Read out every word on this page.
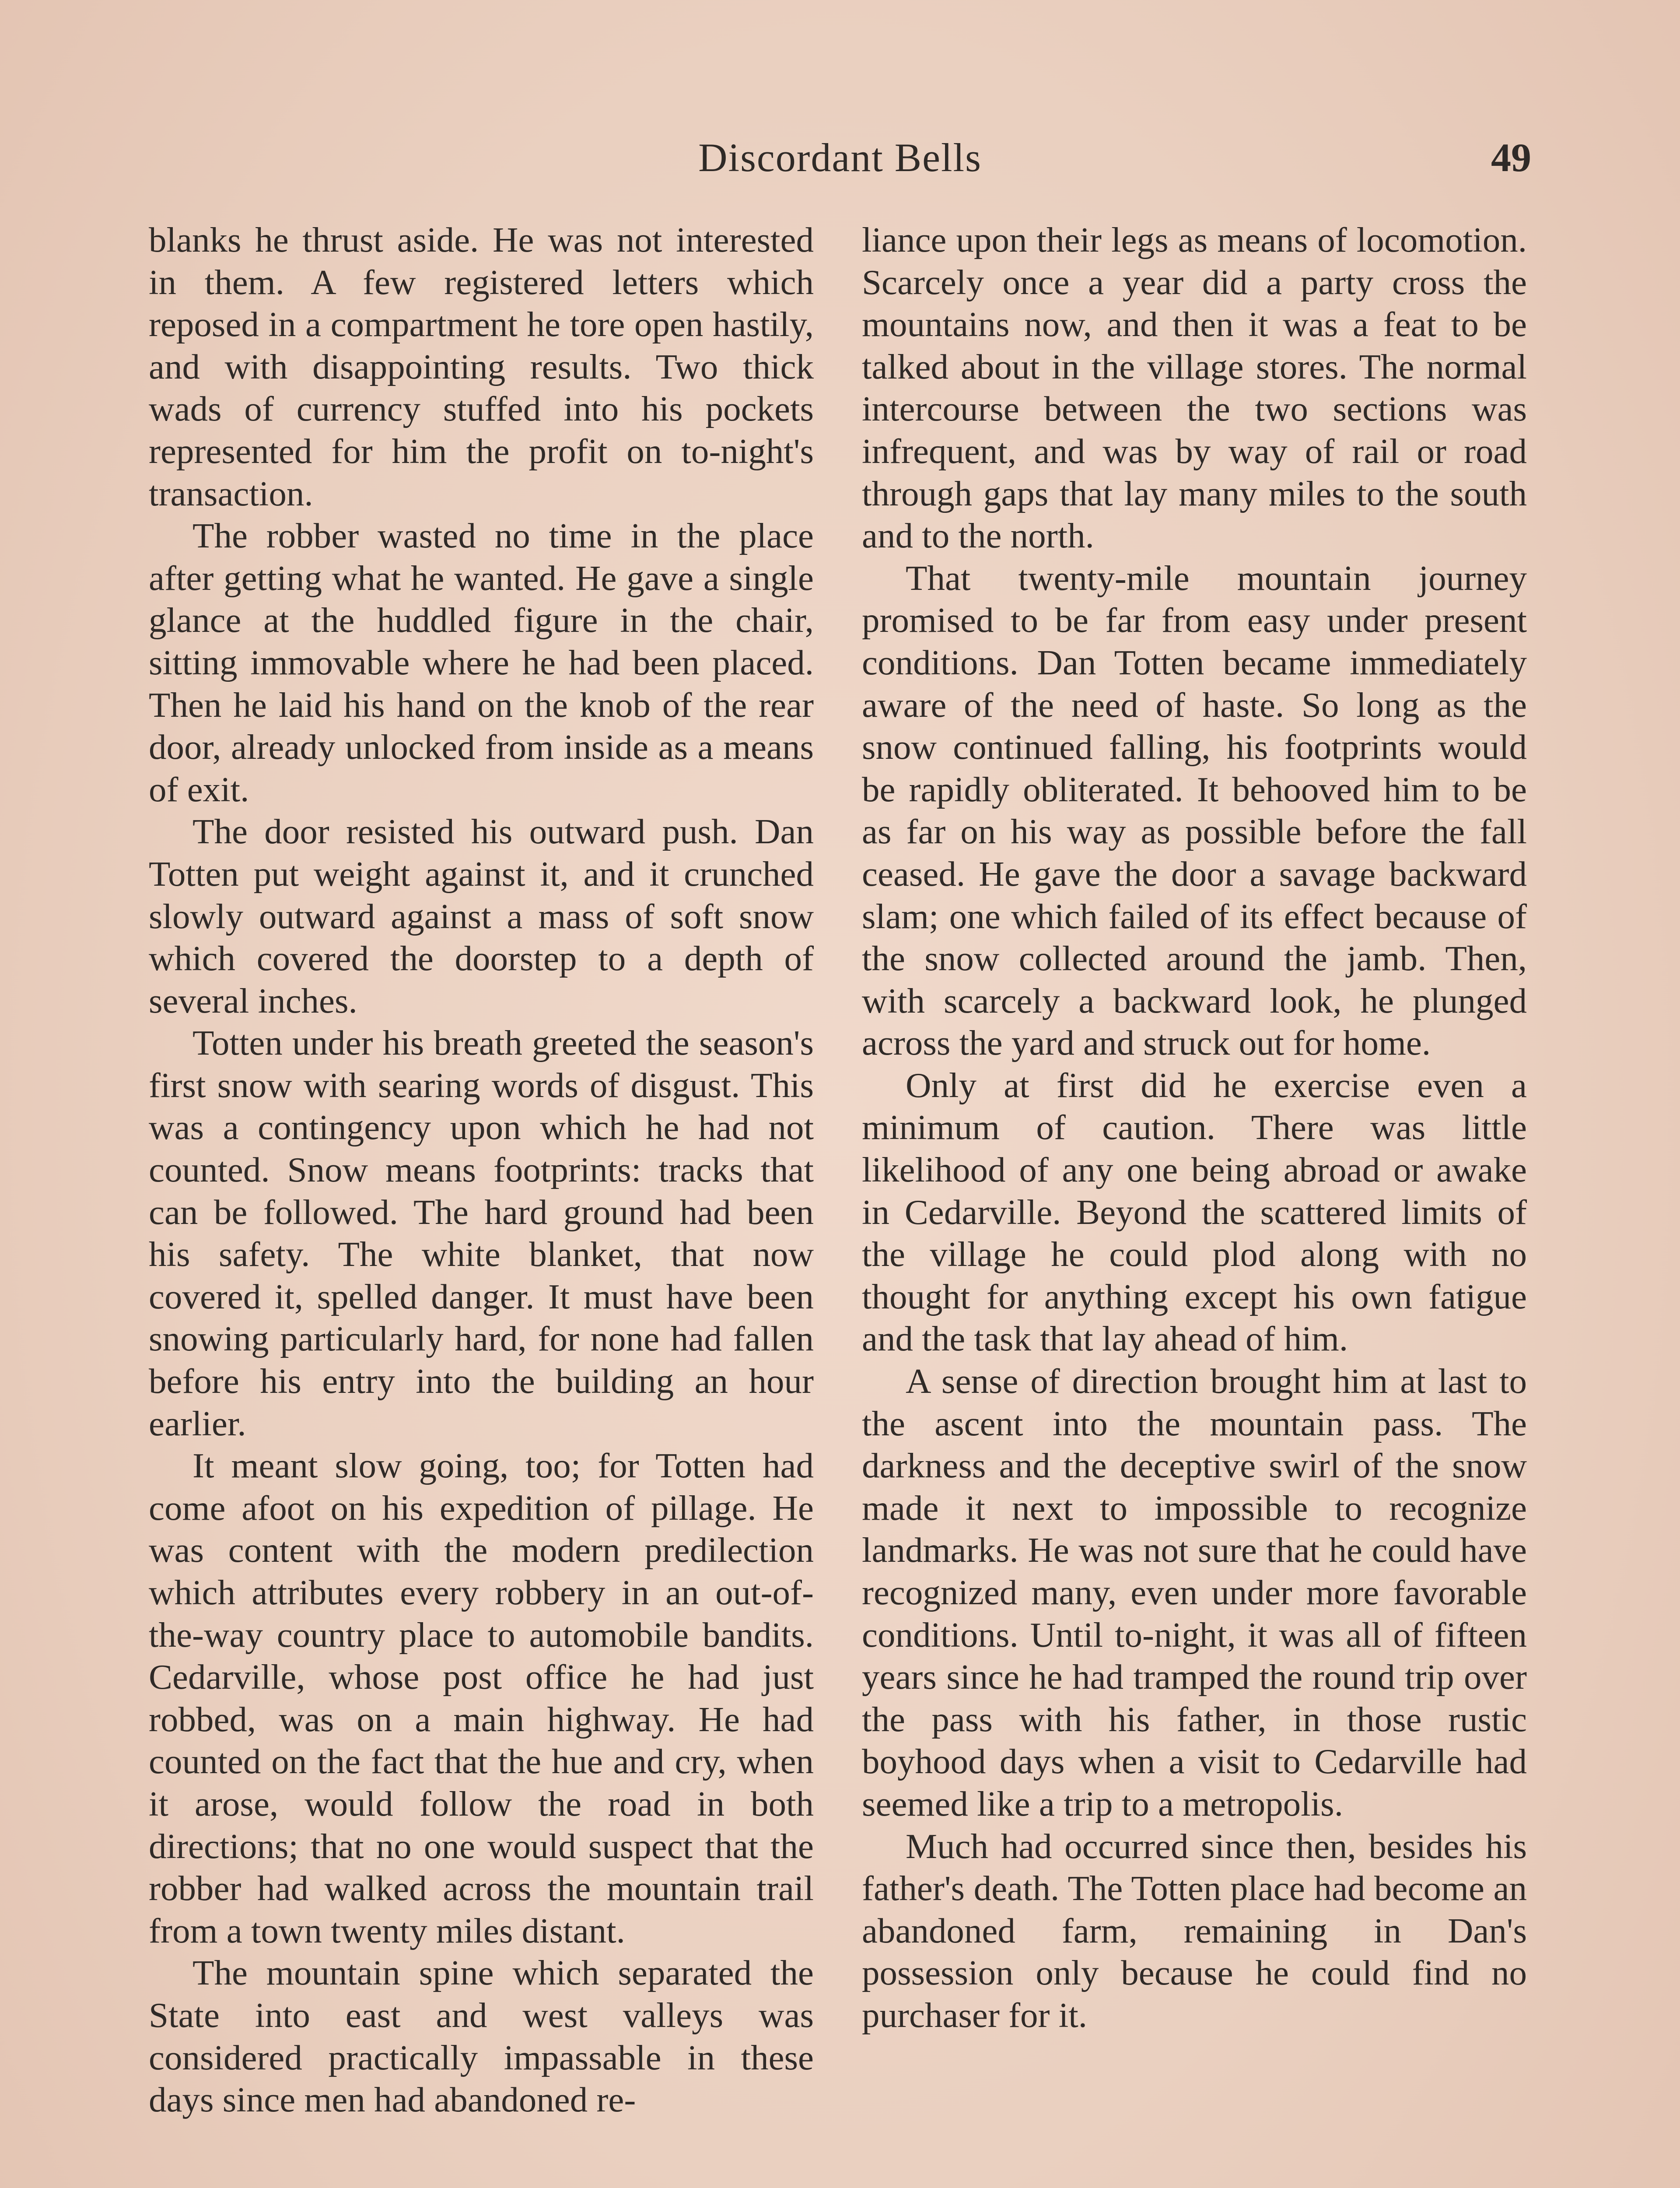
Discordant Bells	49

blanks he thrust aside. He was not interested in them. A few registered letters which reposed in a compartment he tore open hastily, and with disappointing results. Two thick wads of currency stuffed into his pockets represented for him the profit on to-night's transaction.

The robber wasted no time in the place after getting what he wanted. He gave a single glance at the huddled figure in the chair, sitting immovable where he had been placed. Then he laid his hand on the knob of the rear door, already unlocked from inside as a means of exit.

The door resisted his outward push. Dan Totten put weight against it, and it crunched slowly outward against a mass of soft snow which covered the doorstep to a depth of several inches.

Totten under his breath greeted the season's first snow with searing words of disgust. This was a contingency upon which he had not counted. Snow means footprints: tracks that can be followed. The hard ground had been his safety. The white blanket, that now covered it, spelled danger. It must have been snowing particularly hard, for none had fallen before his entry into the building an hour earlier.

It meant slow going, too; for Totten had come afoot on his expedition of pillage. He was content with the modern predilection which attributes every robbery in an out-of-the-way country place to automobile bandits. Cedarville, whose post office he had just robbed, was on a main highway. He had counted on the fact that the hue and cry, when it arose, would follow the road in both directions; that no one would suspect that the robber had walked across the mountain trail from a town twenty miles distant.

The mountain spine which separated the State into east and west valleys was considered practically impassable in these days since men had abandoned re-

liance upon their legs as means of locomotion. Scarcely once a year did a party cross the mountains now, and then it was a feat to be talked about in the village stores. The normal intercourse between the two sections was infrequent, and was by way of rail or road through gaps that lay many miles to the south and to the north.

That twenty-mile mountain journey promised to be far from easy under present conditions. Dan Totten became immediately aware of the need of haste. So long as the snow continued falling, his footprints would be rapidly obliterated. It behooved him to be as far on his way as possible before the fall ceased. He gave the door a savage backward slam; one which failed of its effect because of the snow collected around the jamb. Then, with scarcely a backward look, he plunged across the yard and struck out for home.

Only at first did he exercise even a minimum of caution. There was little likelihood of any one being abroad or awake in Cedarville. Beyond the scattered limits of the village he could plod along with no thought for anything except his own fatigue and the task that lay ahead of him.

A sense of direction brought him at last to the ascent into the mountain pass. The darkness and the deceptive swirl of the snow made it next to impossible to recognize landmarks. He was not sure that he could have recognized many, even under more favorable conditions. Until to-night, it was all of fifteen years since he had tramped the round trip over the pass with his father, in those rustic boyhood days when a visit to Cedarville had seemed like a trip to a metropolis.

Much had occurred since then, besides his father's death. The Totten place had become an abandoned farm, remaining in Dan's possession only because he could find no purchaser for it.
